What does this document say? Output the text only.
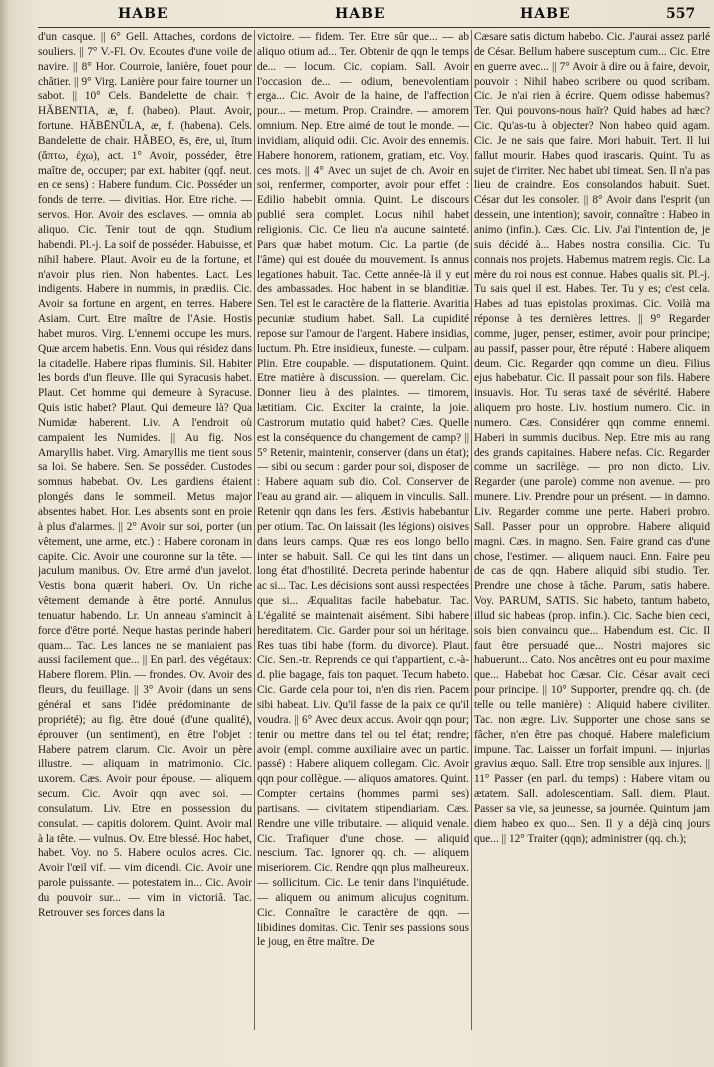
HABE	HABE	HABE	557

d'un casque. || 6° Gell. Attaches, cordons de souliers. || 7° V.-Fl. Ov. Ecoutes d'une voile de navire. || 8° Hor. Courroie, lanière, fouet pour châtier. || 9° Virg. Lanière pour faire tourner un sabot. || 10° Cels. Bandelette de chair. † HĂBENTIA, æ, f. (habeo). Plaut. Avoir, fortune. HĂBĒNŬLA, æ, f. (habena). Cels. Bandelette de chair. HĂBEO, ēs, ēre, ui, ĭtum (ἄπτω, ἐχω), act. 1° Avoir, posséder, être maître de, occuper; par ext. habiter (qqf. neut. en ce sens) : Habere fundum. Cic. Posséder un fonds de terre. — divitias. Hor. Etre riche. — servos. Hor. Avoir des esclaves. — omnia ab aliquo. Cic. Tenir tout de qqn. Studium habendi. Pl.-j. La soif de posséder. Habuisse, et nihil habere. Plaut. Avoir eu de la fortune, et n'avoir plus rien. Non habentes. Lact. Les indigents. Habere in nummis, in prædiis. Cic. Avoir sa fortune en argent, en terres. Habere Asiam. Curt. Etre maître de l'Asie. Hostis habet muros. Virg. L'ennemi occupe les murs. Quæ arcem habetis. Enn. Vous qui résidez dans la citadelle. Habere ripas fluminis. Sil. Habiter les bords d'un fleuve. Ille qui Syracusis habet. Plaut. Cet homme qui demeure à Syracuse. Quis istic habet? Plaut. Qui demeure là? Qua Numidæ haberent. Liv. A l'endroit où campaient les Numides. || Au fig. Nos Amaryllis habet. Virg. Amaryllis me tient sous sa loi. Se habere. Sen. Se posséder. Custodes somnus habebat. Ov. Les gardiens étaient plongés dans le sommeil. Metus major absentes habet. Hor. Les absents sont en proie à plus d'alarmes. || 2° Avoir sur soi, porter (un vêtement, une arme, etc.) : Habere coronam in capite. Cic. Avoir une couronne sur la tête. — jaculum manibus. Ov. Etre armé d'un javelot. Vestis bona quærit haberi. Ov. Un riche vêtement demande à être porté. Annulus tenuatur habendo. Lr. Un anneau s'amincit à force d'être porté. Neque hastas perinde haberi quam... Tac. Les lances ne se maniaient pas aussi facilement que... || En parl. des végétaux: Habere florem. Plin. — frondes. Ov. Avoir des fleurs, du feuillage. || 3° Avoir (dans un sens général et sans l'idée prédominante de propriété); au fig. être doué (d'une qualité), éprouver (un sentiment), en être l'objet : Habere patrem clarum. Cic. Avoir un père illustre. — aliquam in matrimonio. Cic. uxorem. Cæs. Avoir pour épouse. — aliquem secum. Cic. Avoir qqn avec soi. — consulatum. Liv. Etre en possession du consulat. — capitis dolorem. Quint. Avoir mal à la tête. — vulnus. Ov. Etre blessé. Hoc habet, habet. Voy. no 5. Habere oculos acres. Cic. Avoir l'œil vif. — vim dicendi. Cic. Avoir une parole puissante. — potestatem in... Cic. Avoir du pouvoir sur... — vim in victoriâ. Tac. Retrouver ses forces dans la

victoire. — fidem. Ter. Etre sûr que... — ab aliquo otium ad... Ter. Obtenir de qqn le temps de... — locum. Cic. copiam. Sall. Avoir l'occasion de... — odium, benevolentiam erga... Cic. Avoir de la haine, de l'affection pour... — metum. Prop. Craindre. — amorem omnium. Nep. Etre aimé de tout le monde. — invidiam, aliquid odii. Cic. Avoir des ennemis. Habere honorem, rationem, gratiam, etc. Voy. ces mots. || 4° Avec un sujet de ch. Avoir en soi, renfermer, comporter, avoir pour effet : Edilio habebit omnia. Quint. Le discours publié sera complet. Locus nihil habet religionis. Cic. Ce lieu n'a aucune sainteté. Pars quæ habet motum. Cic. La partie (de l'âme) qui est douée du mouvement. Is annus legationes habuit. Tac. Cette année-là il y eut des ambassades. Hoc habent in se blanditiæ. Sen. Tel est le caractère de la flatterie. Avaritia pecuniæ studium habet. Sall. La cupidité repose sur l'amour de l'argent. Habere insidias, luctum. Ph. Etre insidieux, funeste. — culpam. Plin. Etre coupable. — disputationem. Quint. Etre matière à discussion. — querelam. Cic. Donner lieu à des plaintes. — timorem, lætitiam. Cic. Exciter la crainte, la joie. Castrorum mutatio quid habet? Cæs. Quelle est la conséquence du changement de camp? || 5° Retenir, maintenir, conserver (dans un état); — sibi ou secum : garder pour soi, disposer de : Habere aquam sub dio. Col. Conserver de l'eau au grand air. — aliquem in vinculis. Sall. Retenir qqn dans les fers. Æstivis habebantur per otium. Tac. On laissait (les légions) oisives dans leurs camps. Quæ res eos longo bello inter se habuit. Sall. Ce qui les tint dans un long état d'hostilité. Decreta perinde habentur ac si... Tac. Les décisions sont aussi respectées que si... Æqualitas facile habebatur. Tac. L'égalité se maintenait aisément. Sibi habere hereditatem. Cic. Garder pour soi un héritage. Res tuas tibi habe (form. du divorce). Plaut. Cic. Sen.-tr. Reprends ce qui t'appartient, c.-à-d. plie bagage, fais ton paquet. Tecum habeto. Cic. Garde cela pour toi, n'en dis rien. Pacem sibi habeat. Liv. Qu'il fasse de la paix ce qu'il voudra. || 6° Avec deux accus. Avoir qqn pour; tenir ou mettre dans tel ou tel état; rendre; avoir (empl. comme auxiliaire avec un partic. passé) : Habere aliquem collegam. Cic. Avoir qqn pour collègue. — aliquos amatores. Quint. Compter certains (hommes parmi ses) partisans. — civitatem stipendiariam. Cæs. Rendre une ville tributaire. — aliquid venale. Cic. Trafiquer d'une chose. — aliquid nescium. Tac. Ignorer qq. ch. — aliquem miseriorem. Cic. Rendre qqn plus malheureux. — sollicitum. Cic. Le tenir dans l'inquiétude. — aliquem ou animum alicujus cognitum. Cic. Connaître le caractère de qqn. — libidines domitas. Cic. Tenir ses passions sous le joug, en être maître. De

Cæsare satis dictum habebo. Cic. J'aurai assez parlé de César. Bellum habere susceptum cum... Cic. Etre en guerre avec... || 7° Avoir à dire ou à faire, devoir, pouvoir : Nihil habeo scribere ou quod scribam. Cic. Je n'ai rien à écrire. Quem odisse habemus? Ter. Qui pouvons-nous haïr? Quid habes ad hæc? Cic. Qu'as-tu à objecter? Non habeo quid agam. Cic. Je ne sais que faire. Mori habuit. Tert. Il lui fallut mourir. Habes quod irascaris. Quint. Tu as sujet de t'irriter. Nec habet ubi timeat. Sen. Il n'a pas lieu de craindre. Eos consolandos habuit. Suet. César dut les consoler. || 8° Avoir dans l'esprit (un dessein, une intention); savoir, connaître : Habeo in animo (infin.). Cæs. Cic. Liv. J'ai l'intention de, je suis décidé à... Habes nostra consilia. Cic. Tu connais nos projets. Habemus matrem regis. Cic. La mère du roi nous est connue. Habes qualis sit. Pl.-j. Tu sais quel il est. Habes. Ter. Tu y es; c'est cela. Habes ad tuas epistolas proximas. Cic. Voilà ma réponse à tes dernières lettres. || 9° Regarder comme, juger, penser, estimer, avoir pour principe; au passif, passer pour, être réputé : Habere aliquem deum. Cic. Regarder qqn comme un dieu. Filius ejus habebatur. Cic. Il passait pour son fils. Habere insuavis. Hor. Tu seras taxé de sévérité. Habere aliquem pro hoste. Liv. hostium numero. Cic. in numero. Cæs. Considérer qqn comme ennemi. Haberi in summis ducibus. Nep. Etre mis au rang des grands capitaines. Habere nefas. Cic. Regarder comme un sacrilège. — pro non dicto. Liv. Regarder (une parole) comme non avenue. — pro munere. Liv. Prendre pour un présent. — in damno. Liv. Regarder comme une perte. Haberi probro. Sall. Passer pour un opprobre. Habere aliquid magni. Cæs. in magno. Sen. Faire grand cas d'une chose, l'estimer. — aliquem nauci. Enn. Faire peu de cas de qqn. Habere aliquid sibi studio. Ter. Prendre une chose à tâche. Parum, satis habere. Voy. PARUM, SATIS. Sic habeto, tantum habeto, illud sic habeas (prop. infin.). Cic. Sache bien ceci, sois bien convaincu que... Habendum est. Cic. Il faut être persuadé que... Nostri majores sic habuerunt... Cato. Nos ancêtres ont eu pour maxime que... Habebat hoc Cæsar. Cic. César avait ceci pour principe. || 10° Supporter, prendre qq. ch. (de telle ou telle manière) : Aliquid habere civiliter. Tac. non ægre. Liv. Supporter une chose sans se fâcher, n'en être pas choqué. Habere maleficium impune. Tac. Laisser un forfait impuni. — injurias gravius æquo. Sall. Etre trop sensible aux injures. || 11° Passer (en parl. du temps) : Habere vitam ou ætatem. Sall. adolescentiam. Sall. diem. Plaut. Passer sa vie, sa jeunesse, sa journée. Quintum jam diem habeo ex quo... Sen. Il y a déjà cinq jours que... || 12° Traiter (qqn); administrer (qq. ch.);
